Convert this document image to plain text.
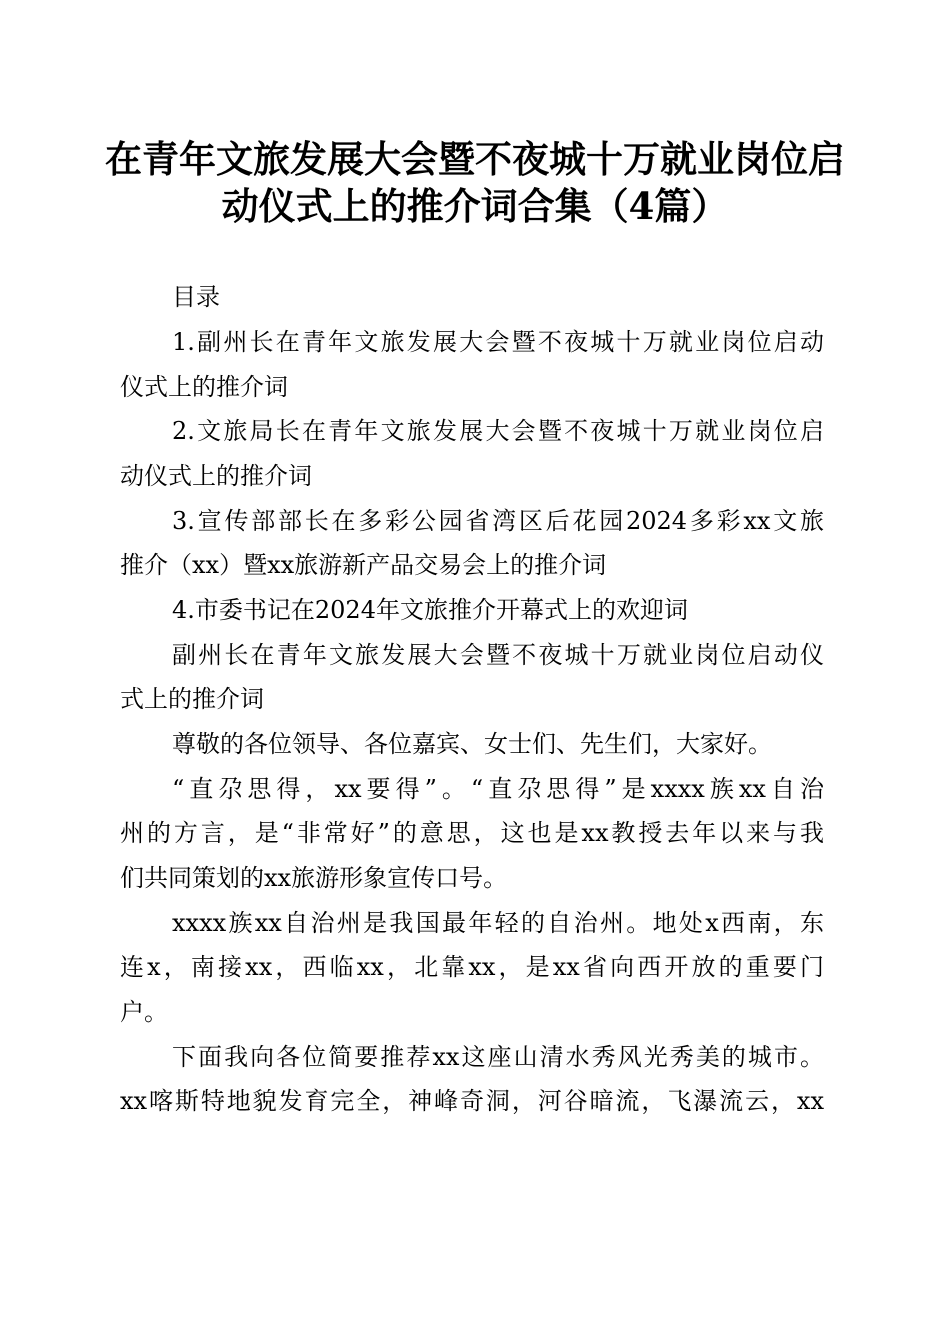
在青年文旅发展大会暨不夜城十万就业岗位启
动仪式上的推介词合集（4篇）

目录

1.副州长在青年文旅发展大会暨不夜城十万就业岗位启动

仪式上的推介词

2.文旅局长在青年文旅发展大会暨不夜城十万就业岗位启

动仪式上的推介词

3.宣传部部长在多彩公园省湾区后花园2024多彩xx文旅

推介（xx）暨xx旅游新产品交易会上的推介词

4.市委书记在2024年文旅推介开幕式上的欢迎词

副州长在青年文旅发展大会暨不夜城十万就业岗位启动仪

式上的推介词

尊敬的各位领导、各位嘉宾、女士们、先生们，大家好。

“直尕思得，xx要得”。“直尕思得”是xxxx族xx自治

州的方言，是“非常好”的意思，这也是xx教授去年以来与我

们共同策划的xx旅游形象宣传口号。

xxxx族xx自治州是我国最年轻的自治州。地处x西南，东

连x，南接xx，西临xx，北靠xx，是xx省向西开放的重要门

户。

下面我向各位简要推荐xx这座山清水秀风光秀美的城市。

xx喀斯特地貌发育完全，神峰奇洞，河谷暗流，飞瀑流云，xx
